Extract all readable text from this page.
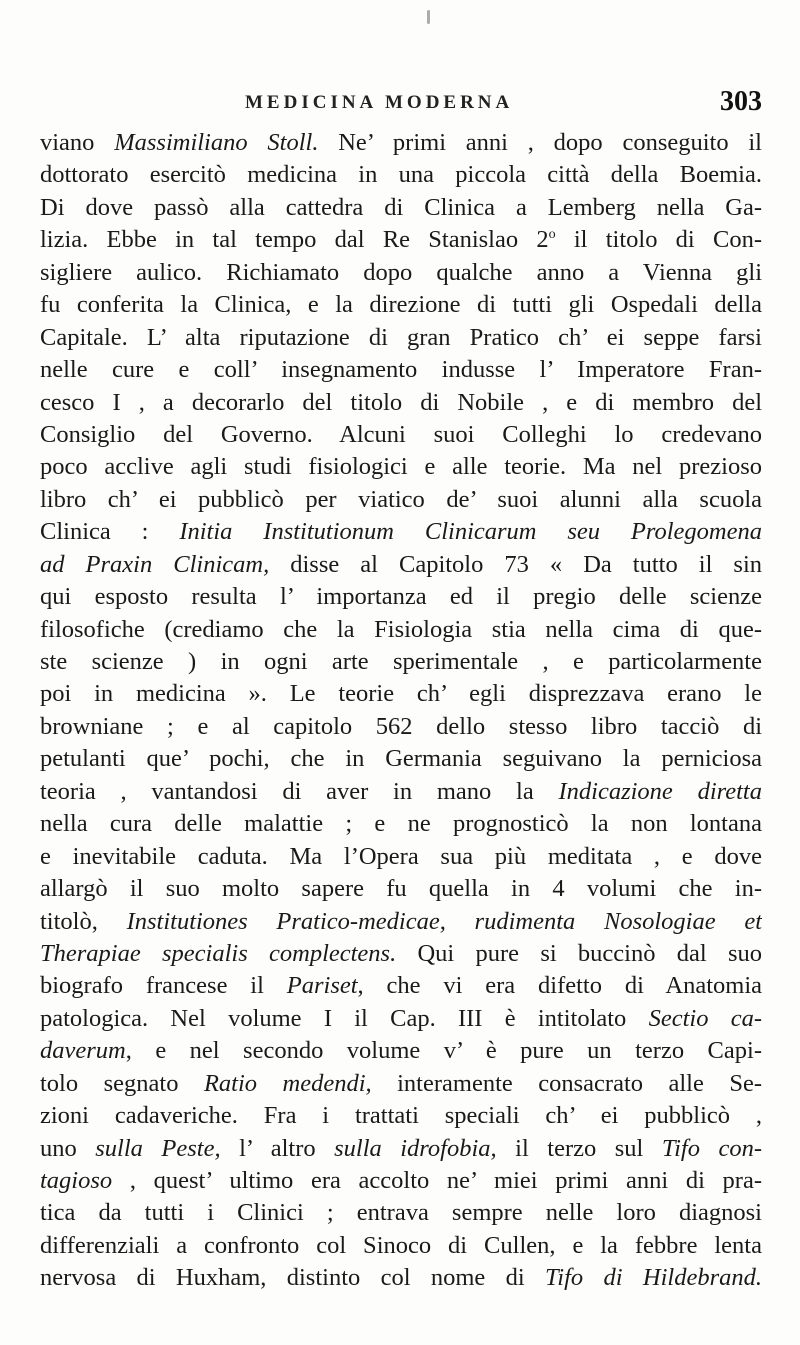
MEDICINA MODERNA	303
viano Massimiliano Stoll. Ne’ primi anni , dopo conseguito il
dottorato esercitò medicina in una piccola città della Boemia.
Di dove passò alla cattedra di Clinica a Lemberg nella Ga-
lizia. Ebbe in tal tempo dal Re Stanislao 2$^o$ il titolo di Con-
sigliere aulico. Richiamato dopo qualche anno a Vienna gli
fu conferita la Clinica, e la direzione di tutti gli Ospedali della
Capitale. L’ alta riputazione di gran Pratico ch’ ei seppe farsi
nelle cure e coll’ insegnamento indusse l’ Imperatore Fran-
cesco I , a decorarlo del titolo di Nobile , e di membro del
Consiglio del Governo. Alcuni suoi Colleghi lo credevano
poco acclive agli studi fisiologici e alle teorie. Ma nel prezioso
libro ch’ ei pubblicò per viatico de’ suoi alunni alla scuola
Clinica : Initia Institutionum Clinicarum seu Prolegomena
ad Praxin Clinicam, disse al Capitolo 73 « Da tutto il sin
qui esposto resulta l’ importanza ed il pregio delle scienze
filosofiche (crediamo che la Fisiologia stia nella cima di que-
ste scienze ) in ogni arte sperimentale , e particolarmente
poi in medicina ». Le teorie ch’ egli disprezzava erano le
browniane ; e al capitolo 562 dello stesso libro tacciò di
petulanti que’ pochi, che in Germania seguivano la perniciosa
teoria , vantandosi di aver in mano la Indicazione diretta
nella cura delle malattie ; e ne prognosticò la non lontana
e inevitabile caduta. Ma l’Opera sua più meditata , e dove
allargò il suo molto sapere fu quella in 4 volumi che in-
titolò, Institutiones Pratico-medicae, rudimenta Nosologiae et
Therapiae specialis complectens. Qui pure si buccinò dal suo
biografo francese il Pariset, che vi era difetto di Anatomia
patologica. Nel volume I il Cap. III è intitolato Sectio ca-
daverum, e nel secondo volume v’ è pure un terzo Capi-
tolo segnato Ratio medendi, interamente consacrato alle Se-
zioni cadaveriche. Fra i trattati speciali ch’ ei pubblicò ,
uno sulla Peste, l’ altro sulla idrofobia, il terzo sul Tifo con-
tagioso , quest’ ultimo era accolto ne’ miei primi anni di pra-
tica da tutti i Clinici ; entrava sempre nelle loro diagnosi
differenziali a confronto col Sinoco di Cullen, e la febbre lenta
nervosa di Huxham, distinto col nome di Tifo di Hildebrand.
